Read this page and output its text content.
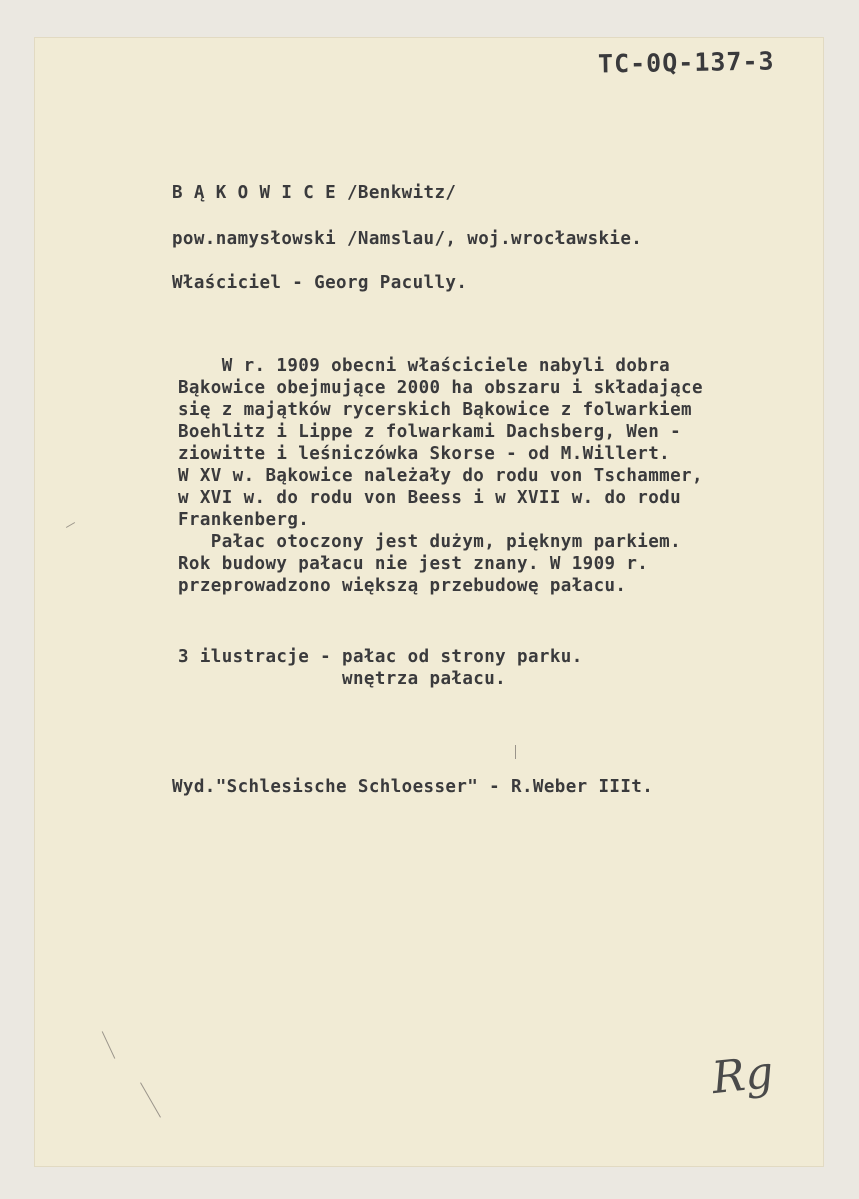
TC-0Q-137-3
B Ą K O W I C E /Benkwitz/
pow.namysłowski /Namslau/, woj.wrocławskie.
Właściciel - Georg Pacully.
W r. 1909 obecni właściciele nabyli dobra
Bąkowice obejmujące 2000 ha obszaru i składające
się z majątków rycerskich Bąkowice z folwarkiem
Boehlitz i Lippe z folwarkami Dachsberg, Wen -
ziowitte i leśniczówka Skorse - od M.Willert.
W XV w. Bąkowice należały do rodu von Tschammer,
w XVI w. do rodu von Beess i w XVII w. do rodu
Frankenberg.
Pałac otoczony jest dużym, pięknym parkiem.
Rok budowy pałacu nie jest znany. W 1909 r.
przeprowadzono większą przebudowę pałacu.
3 ilustracje - pałac od strony parku.
wnętrza pałacu.
Wyd."Schlesische Schloesser" - R.Weber IIIt.
Rg
